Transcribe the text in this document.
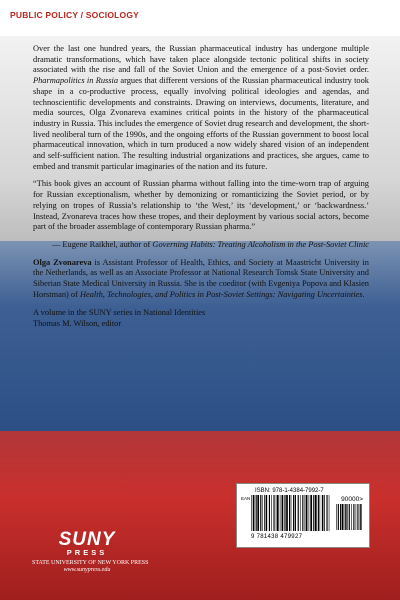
PUBLIC POLICY / SOCIOLOGY

Over the last one hundred years, the Russian pharmaceutical industry has undergone multiple dramatic transformations, which have taken place alongside tectonic political shifts in society associated with the rise and fall of the Soviet Union and the emergence of a post-Soviet order. Pharmapolitics in Russia argues that different versions of the Russian pharmaceutical industry took shape in a co-productive process, equally involving political ideologies and agendas, and technoscientific developments and constraints. Drawing on interviews, documents, literature, and media sources, Olga Zvonareva examines critical points in the history of the pharmaceutical industry in Russia. This includes the emergence of Soviet drug research and development, the short-lived neoliberal turn of the 1990s, and the ongoing efforts of the Russian government to boost local pharmaceutical innovation, which in turn produced a now widely shared vision of an independent and self-sufficient nation. The resulting industrial organizations and practices, she argues, came to embed and transmit particular imaginaries of the nation and its future.

“This book gives an account of Russian pharma without falling into the time-worn trap of arguing for Russian exceptionalism, whether by demonizing or romanticizing the Soviet period, or by relying on tropes of Russia’s relationship to ‘the West,’ its ‘development,’ or ‘backwardness.’ Instead, Zvonareva traces how these tropes, and their deployment by various social actors, become part of the broader assemblage of contemporary Russian pharma.”

— Eugene Raikhel, author of Governing Habits: Treating Alcoholism in the Post-Soviet Clinic

Olga Zvonareva is Assistant Professor of Health, Ethics, and Society at Maastricht University in the Netherlands, as well as an Associate Professor at National Research Tomsk State University and Siberian State Medical University in Russia. She is the coeditor (with Evgeniya Popova and Klasien Horstman) of Health, Technologies, and Politics in Post-Soviet Settings: Navigating Uncertainties.

A volume in the SUNY series in National Identities
Thomas M. Wilson, editor
ISBN: 978-1-4384-7992-7
90000>
EAN
9 781438 479927
SUNY
PRESS
STATE UNIVERSITY OF NEW YORK PRESS
www.sunypress.edu
